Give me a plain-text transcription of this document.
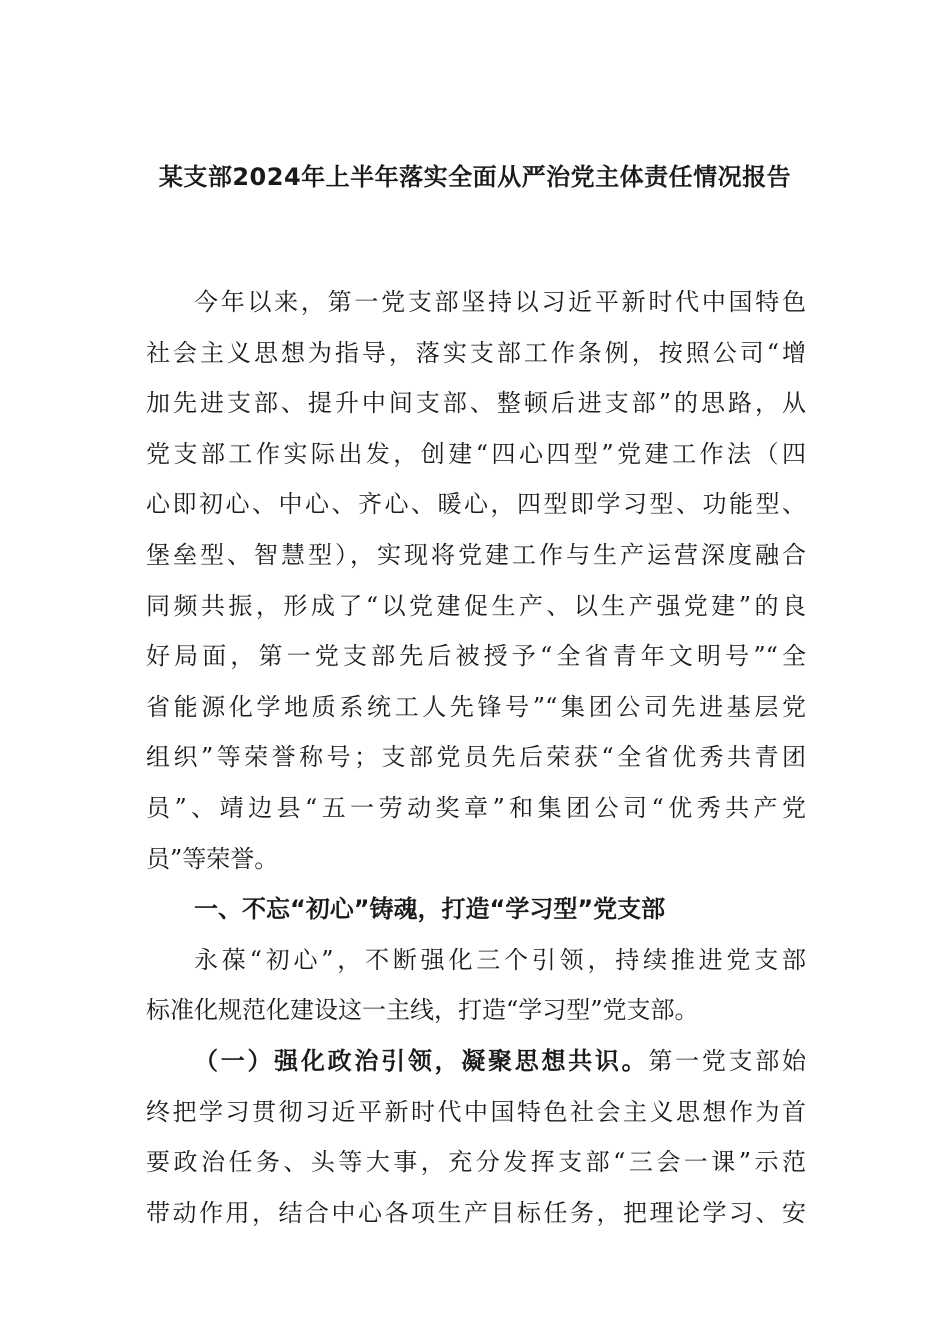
某支部2024年上半年落实全面从严治党主体责任情况报告
今年以来，第一党支部坚持以习近平新时代中国特色
社会主义思想为指导，落实支部工作条例，按照公司“增
加先进支部、提升中间支部、整顿后进支部”的思路，从
党支部工作实际出发，创建“四心四型”党建工作法（四
心即初心、中心、齐心、暖心，四型即学习型、功能型、
堡垒型、智慧型），实现将党建工作与生产运营深度融合
同频共振，形成了“以党建促生产、以生产强党建”的良
好局面，第一党支部先后被授予“全省青年文明号”“全
省能源化学地质系统工人先锋号”“集团公司先进基层党
组织”等荣誉称号；支部党员先后荣获“全省优秀共青团
员”、靖边县“五一劳动奖章”和集团公司“优秀共产党
员”等荣誉。
一、不忘“初心”铸魂，打造“学习型”党支部
永葆“初心”，不断强化三个引领，持续推进党支部
标准化规范化建设这一主线，打造“学习型”党支部。
（一）强化政治引领，凝聚思想共识。第一党支部始
终把学习贯彻习近平新时代中国特色社会主义思想作为首
要政治任务、头等大事，充分发挥支部“三会一课”示范
带动作用，结合中心各项生产目标任务，把理论学习、安
